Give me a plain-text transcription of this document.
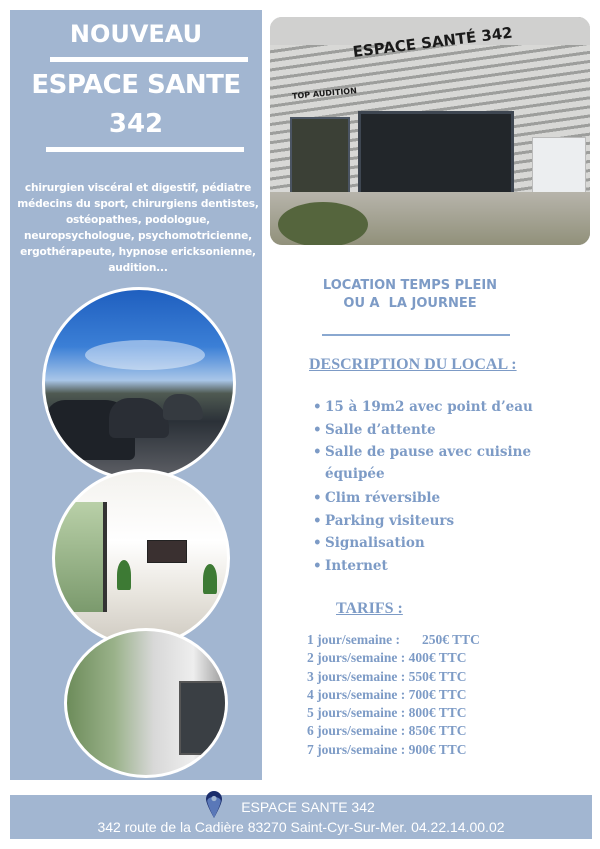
NOUVEAU
ESPACE SANTE
342
chirurgien viscéral et digestif, pédiatre médecins du sport, chirurgiens dentistes, ostéopathes, podologue, neuropsychologue, psychomotricienne, ergothérapeute, hypnose ericksonienne, audition...
ESPACE SANTÉ 342
TOP AUDITION
LOCATION TEMPS PLEIN
OU A  LA JOURNEE
DESCRIPTION DU LOCAL :
• 15 à 19m2 avec point d’eau
• Salle d’attente
• Salle de pause avec cuisine équipée
• Clim réversible
• Parking visiteurs
• Signalisation
• Internet
TARIFS :
1 jour/semaine : 250€ TTC
2 jours/semaine : 400€ TTC
3 jours/semaine : 550€ TTC
4 jours/semaine : 700€ TTC
5 jours/semaine : 800€ TTC
6 jours/semaine : 850€ TTC
7 jours/semaine : 900€ TTC
ESPACE SANTE 342
342 route de la Cadière 83270 Saint-Cyr-Sur-Mer. 04.22.14.00.02
